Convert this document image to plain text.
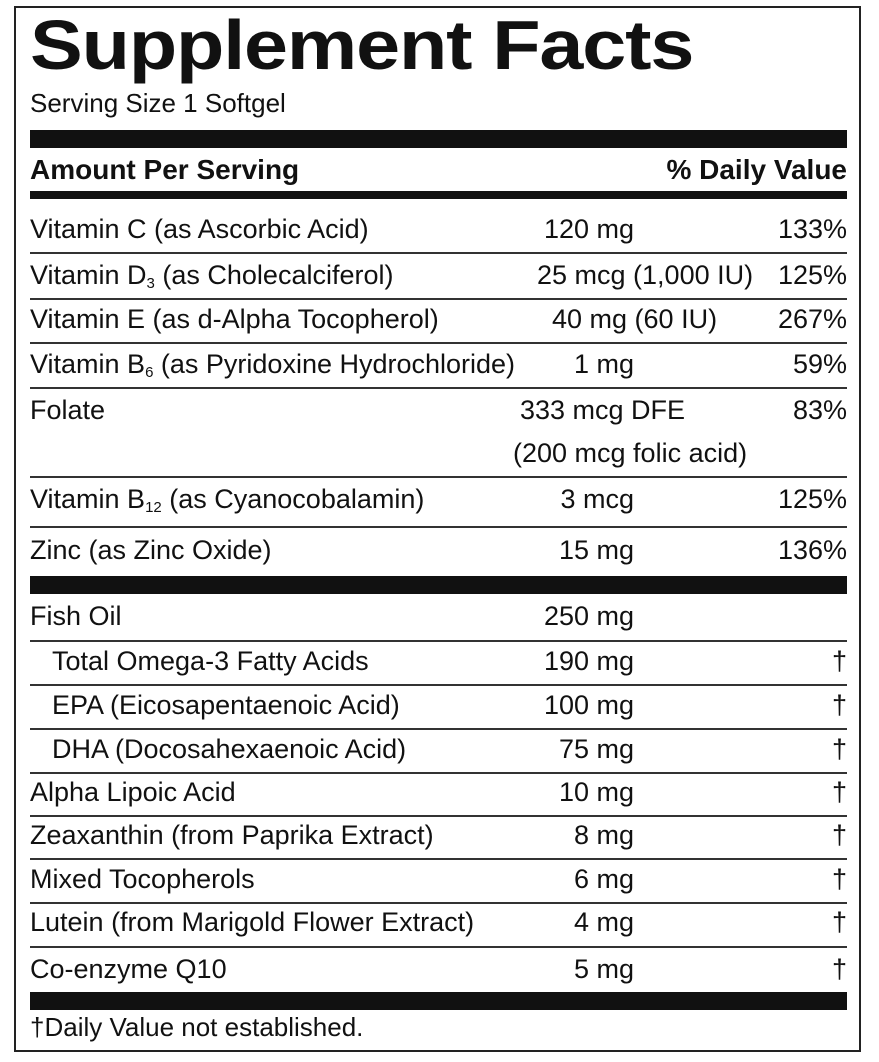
Supplement Facts
Serving Size 1 Softgel
Amount Per Serving	% Daily Value
Vitamin C (as Ascorbic Acid)	120 mg	133%
Vitamin $D_3$ (as Cholecalciferol)	25 mcg (1,000 IU) 125%
Vitamin E (as d-Alpha Tocopherol)	40 mg (60 IU) 267%
Vitamin $B_6$ (as Pyridoxine Hydrochloride)	1 mg	59%
Folate	333 mcg DFE	83%
(200 mcg folic acid)
Vitamin $B_{12}$ (as Cyanocobalamin)	3 mcg	125%
Zinc (as Zinc Oxide)	15 mg	136%
Fish Oil	250 mg
Total Omega-3 Fatty Acids	190 mg	†
EPA (Eicosapentaenoic Acid)	100 mg	†
DHA (Docosahexaenoic Acid)	75 mg	†
Alpha Lipoic Acid	10 mg	†
Zeaxanthin (from Paprika Extract)	8 mg	†
Mixed Tocopherols	6 mg	†
Lutein (from Marigold Flower Extract)	4 mg	†
Co-enzyme Q10	5 mg	†
†Daily Value not established.
